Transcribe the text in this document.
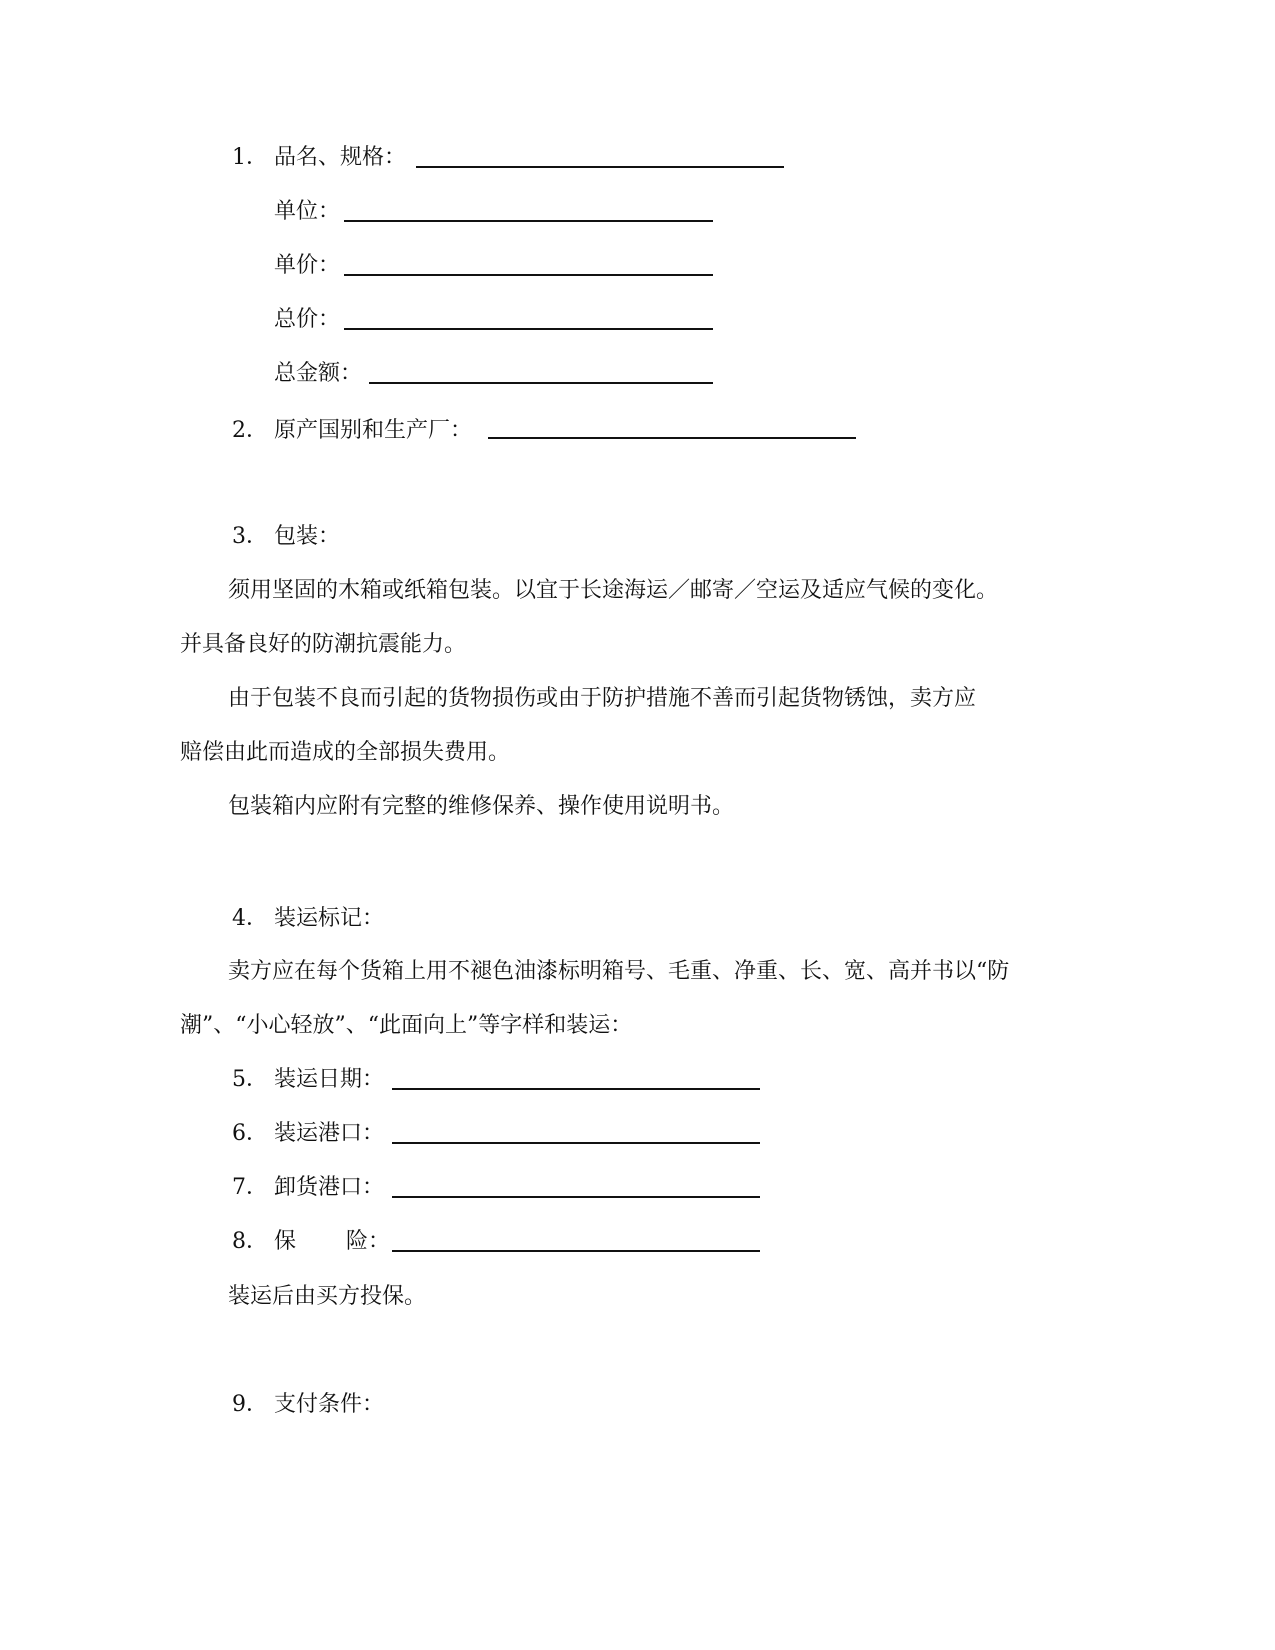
1． 品名、规格：
单位：
单价：
总价：
总金额：
2． 原产国别和生产厂：
3． 包装：
须用坚固的木箱或纸箱包装。以宜于长途海运／邮寄／空运及适应气候的变化。
并具备良好的防潮抗震能力。
由于包装不良而引起的货物损伤或由于防护措施不善而引起货物锈蚀，卖方应
赔偿由此而造成的全部损失费用。
包装箱内应附有完整的维修保养、操作使用说明书。
4． 装运标记：
卖方应在每个货箱上用不褪色油漆标明箱号、毛重、净重、长、宽、高并书以“防
潮”、“小心轻放”、“此面向上”等字样和装运：
5． 装运日期：
6． 装运港口：
7． 卸货港口：
8． 保 险：
装运后由买方投保。
9． 支付条件：
